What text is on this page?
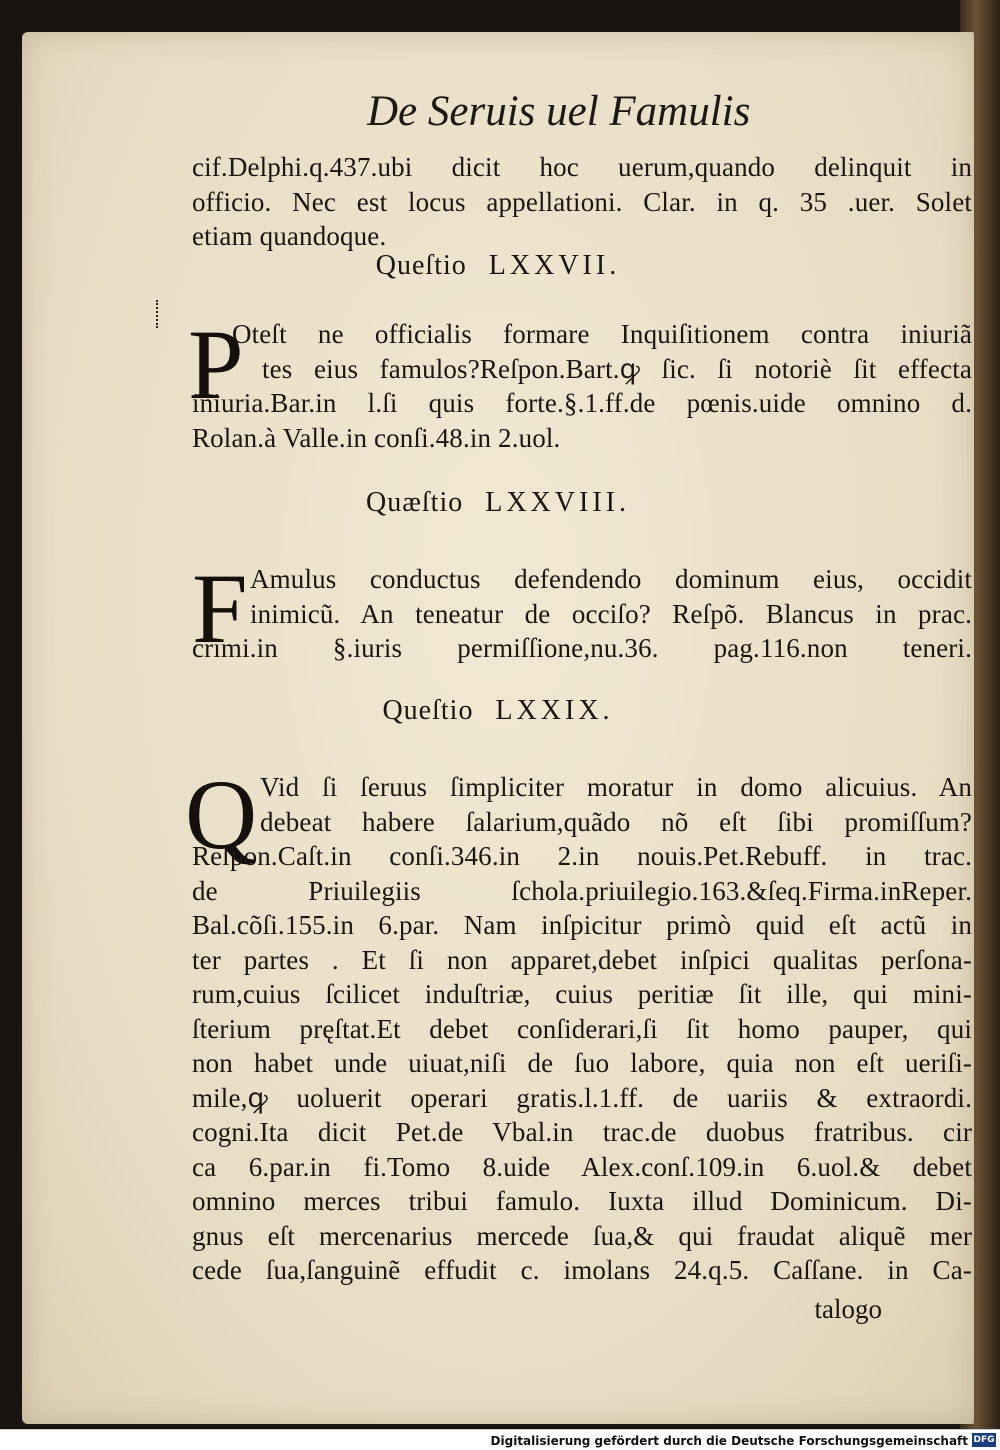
De Seruis uel Famulis
cif.Delphi.q.437.ubi dicit hoc uerum,quando delinquit in
officio. Nec est locus appellationi. Clar. in q. 35 .uer. Solet
etiam quandoque.
Queſtio LXXVII.
P
Oteſt ne officialis formare Inquiſitionem contra iniuriã
tes eius famulos?Reſpon.Bart.ꝙ ſic. ſi notoriè ſit effecta
iniuria.Bar.in l.ſi quis forte.§.1.ff.de pœnis.uide omnino d.
Rolan.à Valle.in conſi.48.in 2.uol.
Quæſtio LXXVIII.
F Amulus conductus defendendo dominum eius, occidit
inimicũ. An teneatur de occiſo? Reſpõ. Blancus in prac.
crimi.in §.iuris permiſſione,nu.36. pag.116.non teneri.
Queſtio LXXIX.
Q Vid ſi ſeruus ſimpliciter moratur in domo alicuius. An
debeat habere ſalarium,quãdo nõ eſt ſibi promiſſum?
Reſpon.Caſt.in conſi.346.in 2.in nouis.Pet.Rebuff. in trac.
de Priuilegiis ſchola.priuilegio.163.&ſeq.Firma.inReper.
Bal.cõſi.155.in 6.par. Nam inſpicitur primò quid eſt actũ in
ter partes . Et ſi non apparet,debet inſpici qualitas perſona-
rum,cuius ſcilicet induſtriæ, cuius peritiæ ſit ille, qui mini-
ſterium pręſtat.Et debet conſiderari,ſi ſit homo pauper, qui
non habet unde uiuat,niſi de ſuo labore, quia non eſt ueriſi-
mile,ꝙ uoluerit operari gratis.l.1.ff. de uariis & extraordi.
cogni.Ita dicit Pet.de Vbal.in trac.de duobus fratribus. cir
ca 6.par.in fi.Tomo 8.uide Alex.conſ.109.in 6.uol.& debet
omnino merces tribui famulo. Iuxta illud Dominicum. Di-
gnus eſt mercenarius mercede ſua,& qui fraudat aliquẽ mer
cede ſua,ſanguinẽ effudit c. imolans 24.q.5. Caſſane. in Ca-
talogo
Digitalisierung gefördert durch die Deutsche Forschungsgemeinschaft DFG
